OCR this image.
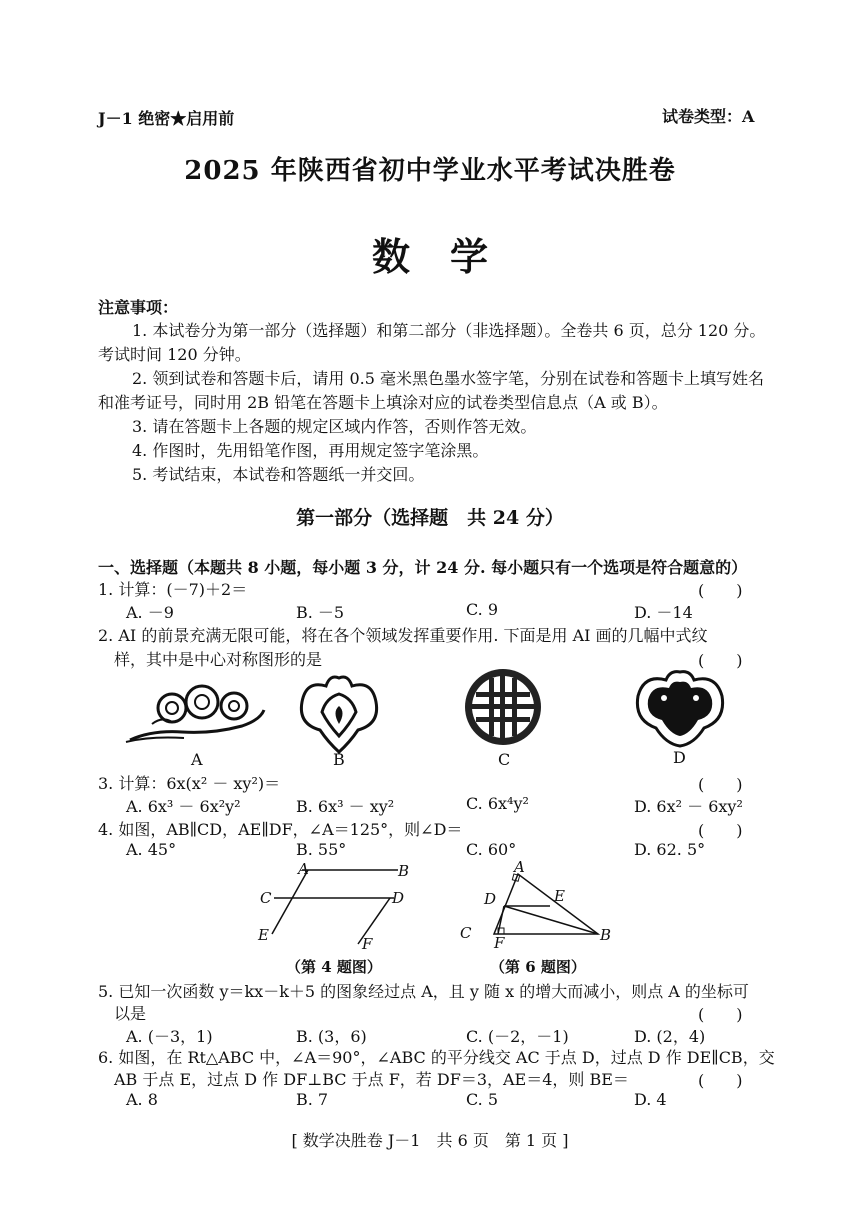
J－1 绝密★启用前	试卷类型：A
2025 年陕西省初中学业水平考试决胜卷
数学
注意事项：
1. 本试卷分为第一部分（选择题）和第二部分（非选择题）。全卷共 6 页，总分 120 分。考试时间 120 分钟。
2. 领到试卷和答题卡后，请用 0.5 毫米黑色墨水签字笔，分别在试卷和答题卡上填写姓名和准考证号，同时用 2B 铅笔在答题卡上填涂对应的试卷类型信息点（A 或 B）。
3. 请在答题卡上各题的规定区域内作答，否则作答无效。
4. 作图时，先用铅笔作图，再用规定签字笔涂黑。
5. 考试结束，本试卷和答题纸一并交回。
第一部分（选择题　共 24 分）
一、选择题（本题共 8 小题，每小题 3 分，计 24 分. 每小题只有一个选项是符合题意的）
1. 计算：(－7)＋2＝	(　　)
A. －9	B. －5	C. 9	D. －14
2. AI 的前景充满无限可能，将在各个领域发挥重要作用. 下面是用 AI 画的几幅中式纹
样，其中是中心对称图形的是	(　　)
A	B	C	D
3. 计算：6x(x² － xy²)＝	(　　)
A. 6x³ － 6x²y²	B. 6x³ － xy²	C. 6x⁴y²	D. 6x² － 6xy²
4. 如图，AB∥CD，AE∥DF，∠A＝125°，则∠D＝	(　　)
A. 45°	B. 55°	C. 60°	D. 62. 5°
A	B
C	D
E	F
A
D	E
C
F	B
（第 4 题图）	（第 6 题图）
5. 已知一次函数 y＝kx－k＋5 的图象经过点 A，且 y 随 x 的增大而减小，则点 A 的坐标可
以是	(　　)
A. (－3，1)	B. (3，6)	C. (－2，－1)	D. (2，4)
6. 如图，在 Rt△ABC 中，∠A＝90°，∠ABC 的平分线交 AC 于点 D，过点 D 作 DE∥CB，交
AB 于点 E，过点 D 作 DF⊥BC 于点 F，若 DF＝3，AE＝4，则 BE＝	(　　)
A. 8	B. 7	C. 5	D. 4
[ 数学决胜卷 J－1　共 6 页　第 1 页 ]
